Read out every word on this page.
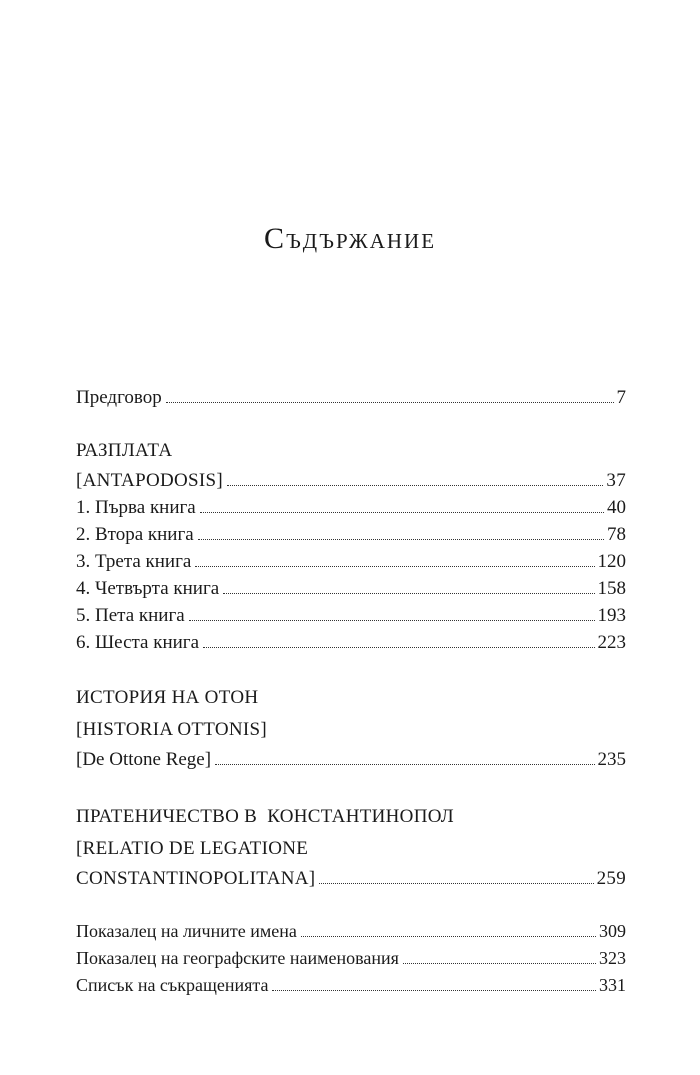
Съдържание
Предговор	7
РАЗПЛАТА
[ANTAPODOSIS]	37
1. Първа книга	40
2. Втора книга	78
3. Трета книга	120
4. Четвърта книга	158
5. Пета книга	193
6. Шеста книга	223
ИСТОРИЯ НА ОТОН
[HISTORIA OTTONIS]
[De Ottone Rege]	235
ПРАТЕНИЧЕСТВО В  КОНСТАНТИНОПОЛ
[RELATIO DE LEGATIONE
CONSTANTINOPOLITANA]	259
Показалец на личните имена	309
Показалец на географските наименования	323
Списък на съкращенията	331
